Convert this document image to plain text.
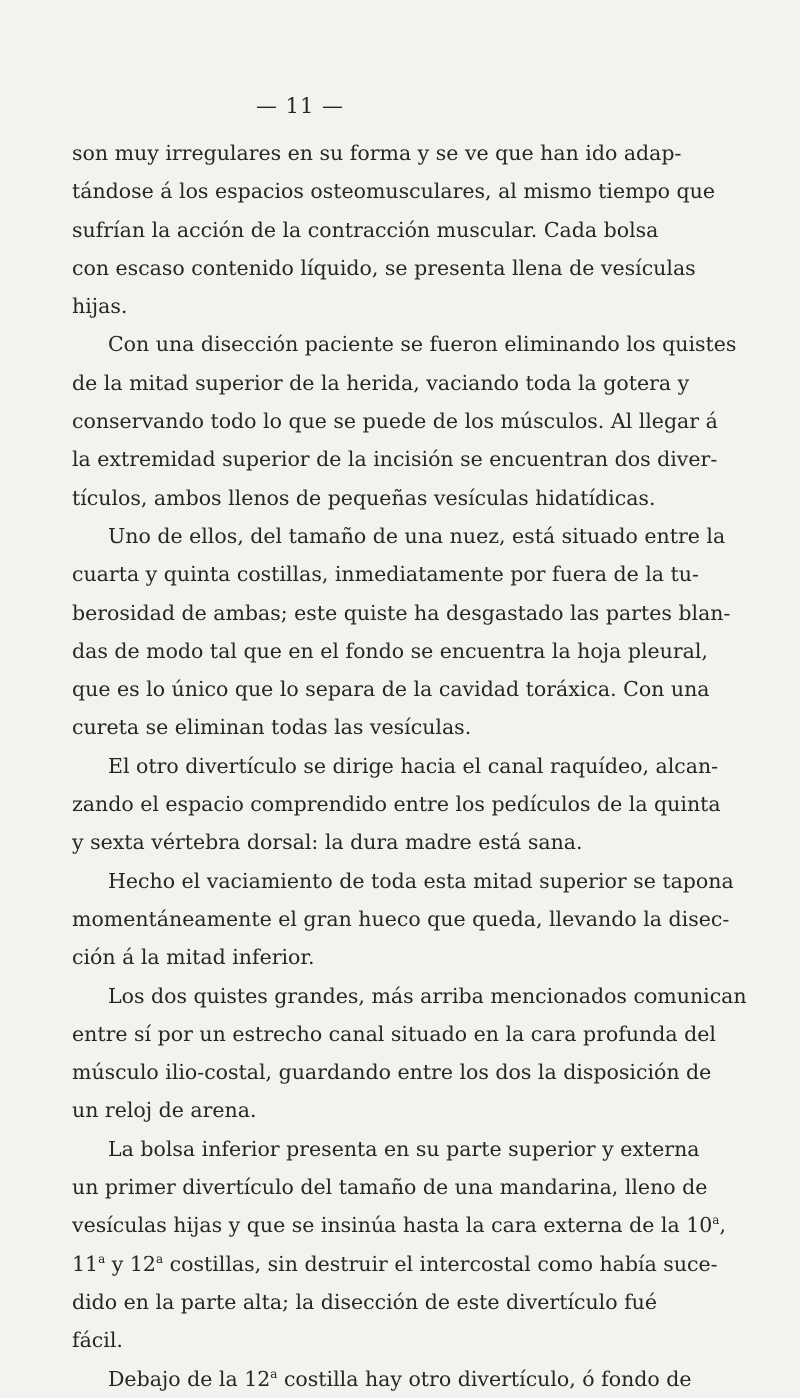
— 11 —
son muy irregulares en su forma y se ve que han ido adap-
tándose á los espacios osteomusculares, al mismo tiempo que
sufrían la acción de la contracción muscular. Cada bolsa
con escaso contenido líquido, se presenta llena de vesículas
hijas.
Con una disección paciente se fueron eliminando los quistes
de la mitad superior de la herida, vaciando toda la gotera y
conservando todo lo que se puede de los músculos. Al llegar á
la extremidad superior de la incisión se encuentran dos diver-
tículos, ambos llenos de pequeñas vesículas hidatídicas.
Uno de ellos, del tamaño de una nuez, está situado entre la
cuarta y quinta costillas, inmediatamente por fuera de la tu-
berosidad de ambas; este quiste ha desgastado las partes blan-
das de modo tal que en el fondo se encuentra la hoja pleural,
que es lo único que lo separa de la cavidad toráxica. Con una
cureta se eliminan todas las vesículas.
El otro divertículo se dirige hacia el canal raquídeo, alcan-
zando el espacio comprendido entre los pedículos de la quinta
y sexta vértebra dorsal: la dura madre está sana.
Hecho el vaciamiento de toda esta mitad superior se tapona
momentáneamente el gran hueco que queda, llevando la disec-
ción á la mitad inferior.
Los dos quistes grandes, más arriba mencionados comunican
entre sí por un estrecho canal situado en la cara profunda del
músculo ilio-costal, guardando entre los dos la disposición de
un reloj de arena.
La bolsa inferior presenta en su parte superior y externa
un primer divertículo del tamaño de una mandarina, lleno de
vesículas hijas y que se insinúa hasta la cara externa de la 10$^a$,
11$^a$ y 12$^a$ costillas, sin destruir el intercostal como había suce-
dido en la parte alta; la disección de este divertículo fué
fácil.
Debajo de la 12$^a$ costilla hay otro divertículo, ó fondo de
